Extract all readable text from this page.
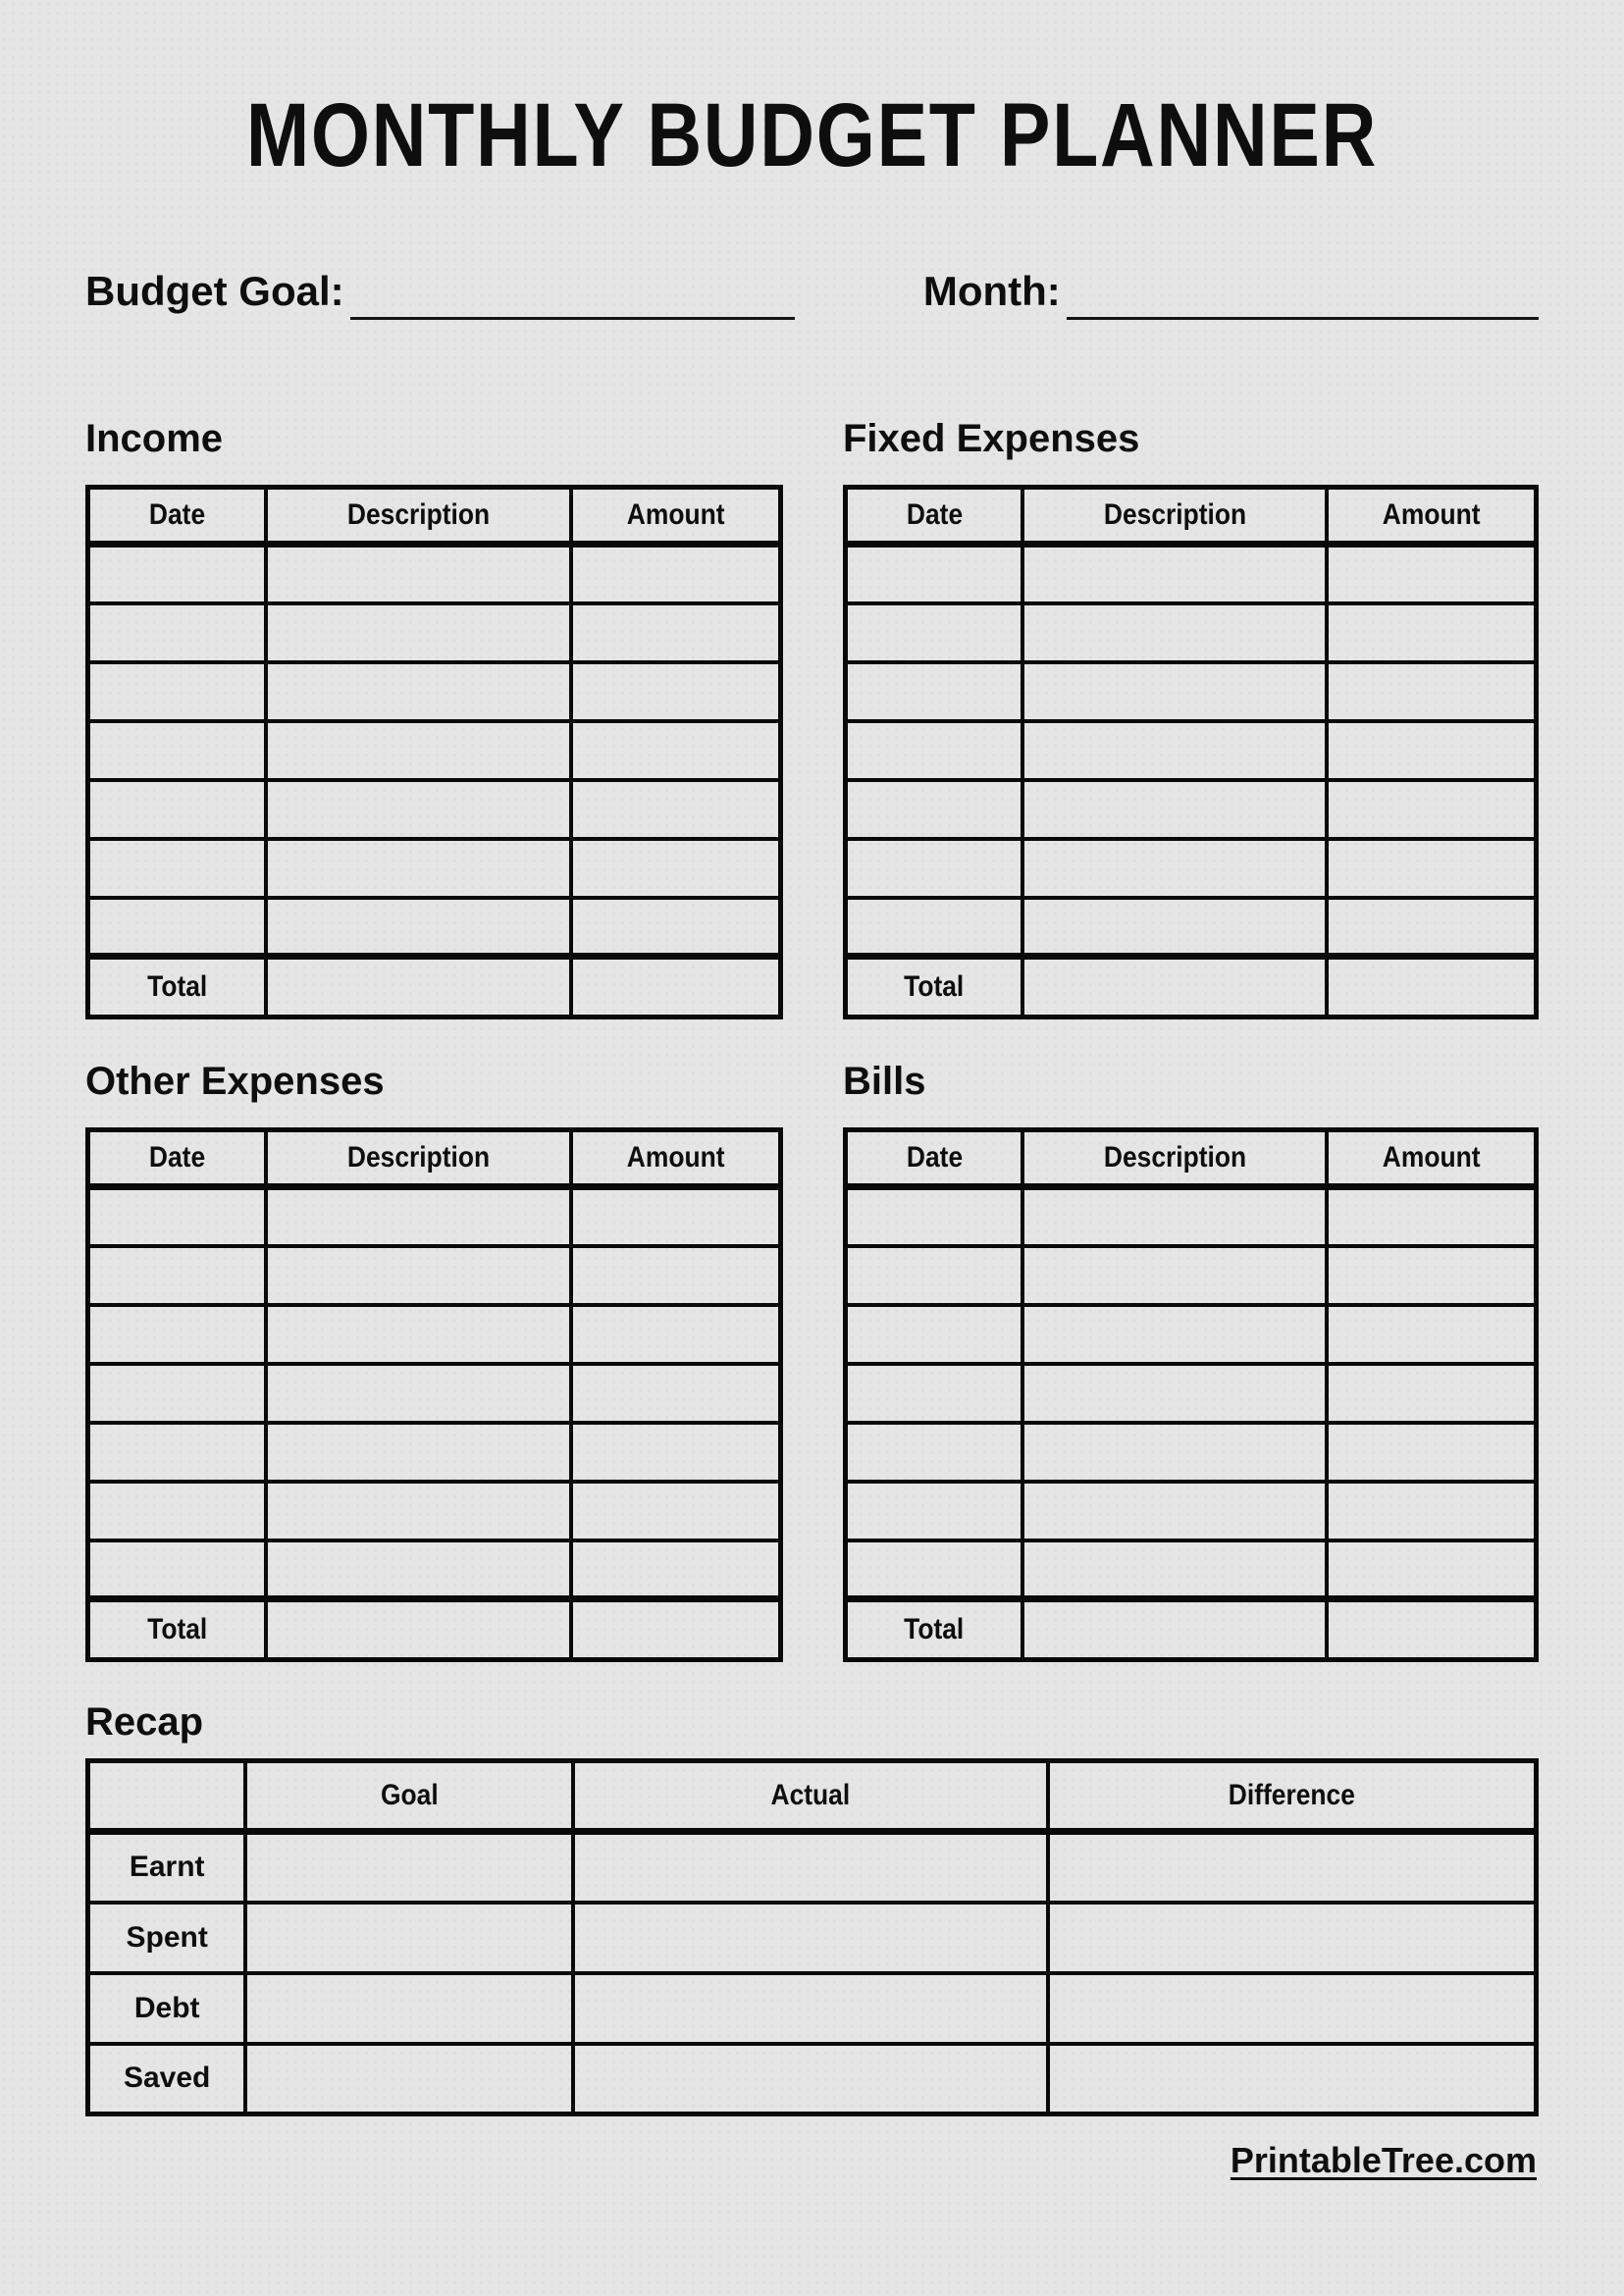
MONTHLY BUDGET PLANNER
Budget Goal:	Month:
Income
Date	Description	Amount

Total		
Fixed Expenses
Date	Description	Amount

Total		
Other Expenses
Date	Description	Amount

Total		
Bills
Date	Description	Amount

Total		
Recap
	Goal	Actual	Difference
Earnt			
Spent			
Debt			
Saved			
PrintableTree.com
